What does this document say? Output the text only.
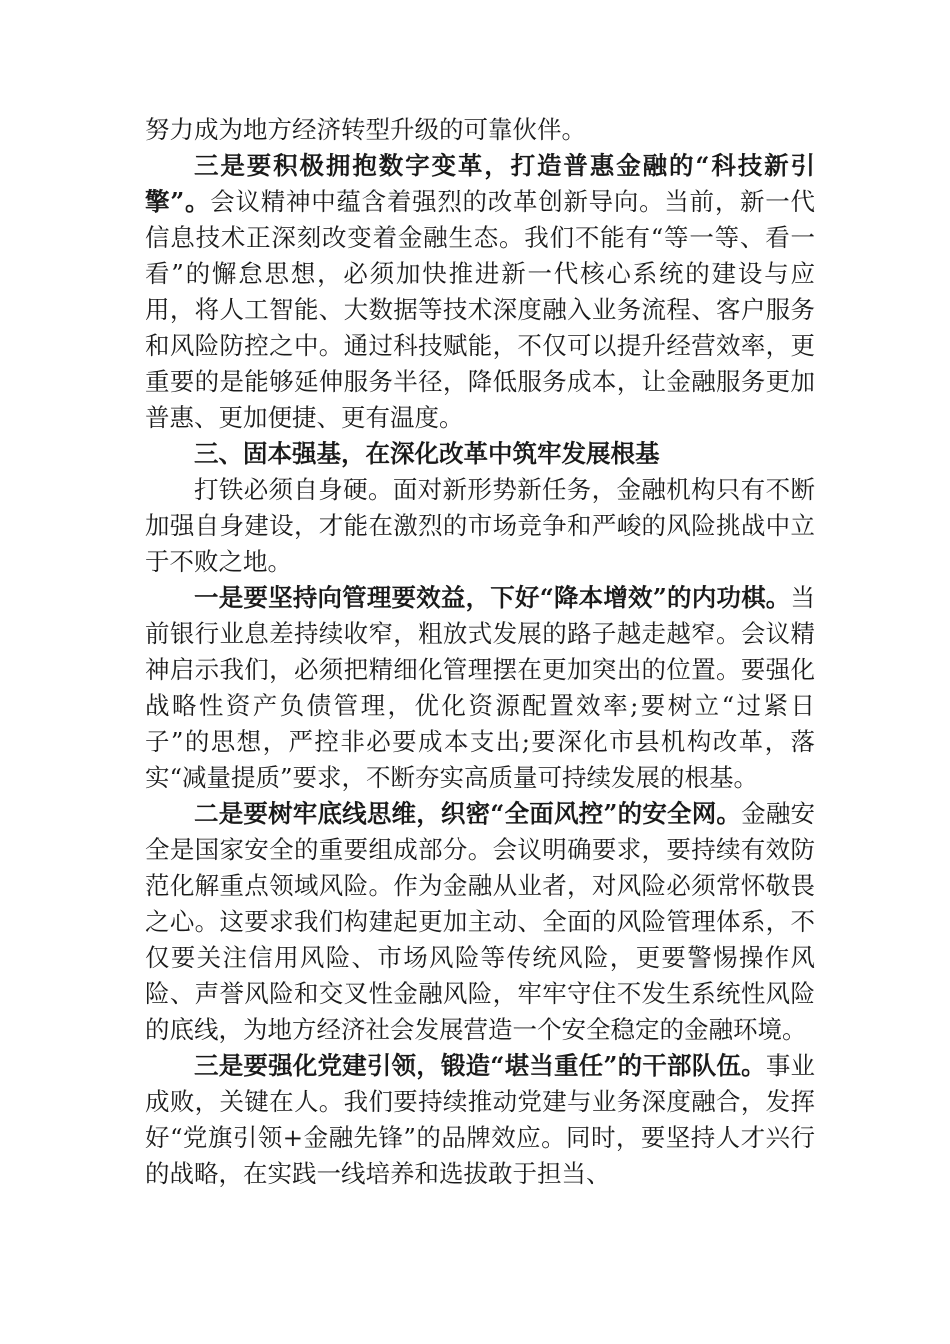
努力成为地方经济转型升级的可靠伙伴。

三是要积极拥抱数字变革，打造普惠金融的“科技新引擎”。会议精神中蕴含着强烈的改革创新导向。当前，新一代信息技术正深刻改变着金融生态。我们不能有“等一等、看一看”的懈怠思想，必须加快推进新一代核心系统的建设与应用，将人工智能、大数据等技术深度融入业务流程、客户服务和风险防控之中。通过科技赋能，不仅可以提升经营效率，更重要的是能够延伸服务半径，降低服务成本，让金融服务更加普惠、更加便捷、更有温度。

三、固本强基，在深化改革中筑牢发展根基

打铁必须自身硬。面对新形势新任务，金融机构只有不断加强自身建设，才能在激烈的市场竞争和严峻的风险挑战中立于不败之地。

一是要坚持向管理要效益，下好“降本增效”的内功棋。当前银行业息差持续收窄，粗放式发展的路子越走越窄。会议精神启示我们，必须把精细化管理摆在更加突出的位置。要强化战略性资产负债管理，优化资源配置效率;要树立“过紧日子”的思想，严控非必要成本支出;要深化市县机构改革，落实“减量提质”要求，不断夯实高质量可持续发展的根基。

二是要树牢底线思维，织密“全面风控”的安全网。金融安全是国家安全的重要组成部分。会议明确要求，要持续有效防范化解重点领域风险。作为金融从业者，对风险必须常怀敬畏之心。这要求我们构建起更加主动、全面的风险管理体系，不仅要关注信用风险、市场风险等传统风险，更要警惕操作风险、声誉风险和交叉性金融风险，牢牢守住不发生系统性风险的底线，为地方经济社会发展营造一个安全稳定的金融环境。

三是要强化党建引领，锻造“堪当重任”的干部队伍。事业成败，关键在人。我们要持续推动党建与业务深度融合，发挥好“党旗引领+金融先锋”的品牌效应。同时，要坚持人才兴行的战略，在实践一线培养和选拔敢于担当、
